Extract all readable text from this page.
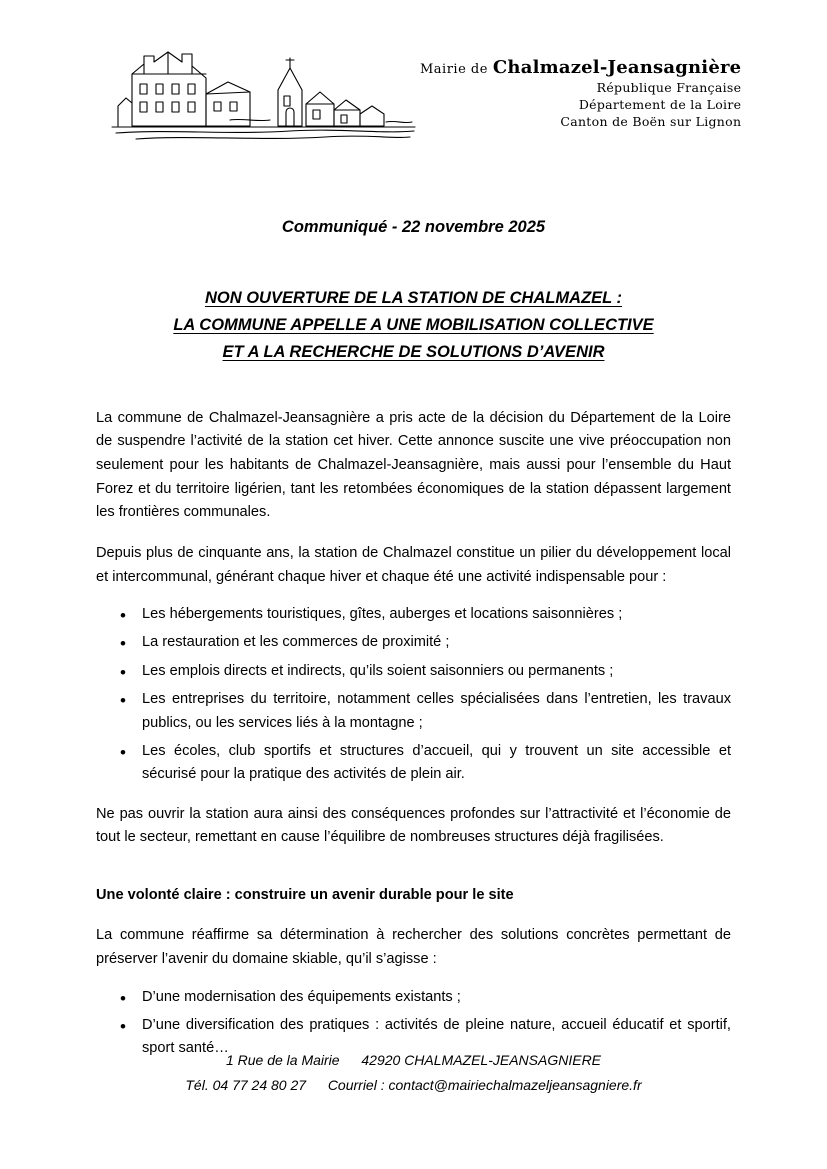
Mairie de Chalmazel-Jeansagnière
République Française
Département de la Loire
Canton de Boën sur Lignon
Communiqué - 22 novembre 2025
NON OUVERTURE DE LA STATION DE CHALMAZEL :
LA COMMUNE APPELLE A UNE MOBILISATION COLLECTIVE
ET A LA RECHERCHE DE SOLUTIONS D’AVENIR

La commune de Chalmazel-Jeansagnière a pris acte de la décision du Département de la Loire de suspendre l’activité de la station cet hiver. Cette annonce suscite une vive préoccupation non seulement pour les habitants de Chalmazel-Jeansagnière, mais aussi pour l’ensemble du Haut Forez et du territoire ligérien, tant les retombées économiques de la station dépassent largement les frontières communales.

Depuis plus de cinquante ans, la station de Chalmazel constitue un pilier du développement local et intercommunal, générant chaque hiver et chaque été une activité indispensable pour :

• Les hébergements touristiques, gîtes, auberges et locations saisonnières ;
• La restauration et les commerces de proximité ;
• Les emplois directs et indirects, qu’ils soient saisonniers ou permanents ;
• Les entreprises du territoire, notamment celles spécialisées dans l’entretien, les travaux publics, ou les services liés à la montagne ;
• Les écoles, club sportifs et structures d’accueil, qui y trouvent un site accessible et sécurisé pour la pratique des activités de plein air.

Ne pas ouvrir la station aura ainsi des conséquences profondes sur l’attractivité et l’économie de tout le secteur, remettant en cause l’équilibre de nombreuses structures déjà fragilisées.

Une volonté claire : construire un avenir durable pour le site

La commune réaffirme sa détermination à rechercher des solutions concrètes permettant de préserver l’avenir du domaine skiable, qu’il s’agisse :

• D’une modernisation des équipements existants ;
• D’une diversification des pratiques : activités de pleine nature, accueil éducatif et sportif, sport santé…
1 Rue de la Mairie 42920 CHALMAZEL-JEANSAGNIERE
Tél. 04 77 24 80 27 Courriel : contact@mairiechalmazeljeansagniere.fr
